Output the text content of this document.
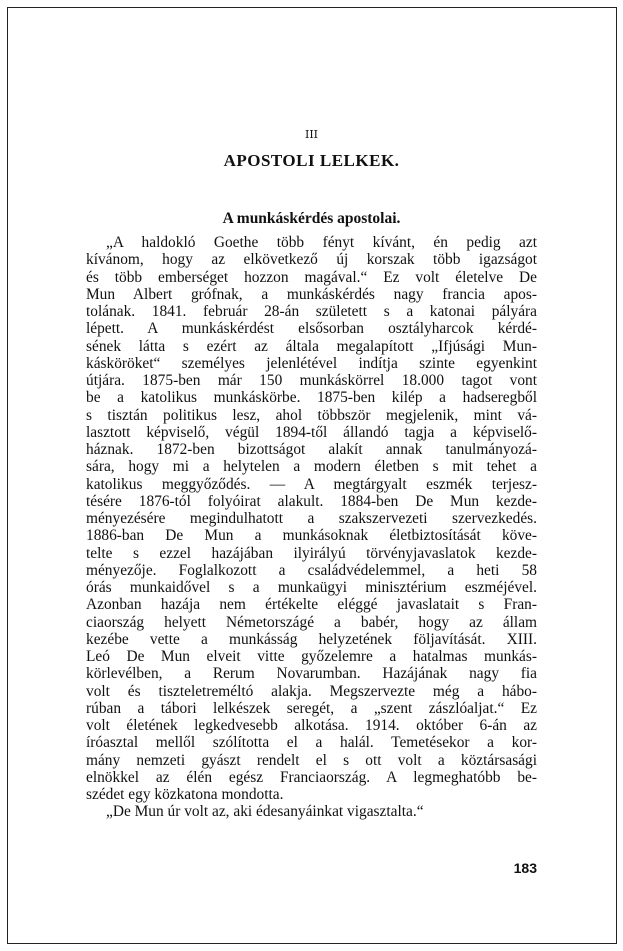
III
APOSTOLI LELKEK.
A munkáskérdés apostolai.

„A haldokló Goethe több fényt kívánt, én pedig azt
kívánom, hogy az elkövetkező új korszak több igazságot
és több emberséget hozzon magával.“ Ez volt életelve De
Mun Albert grófnak, a munkáskérdés nagy francia apos-
tolának. 1841. február 28-án született s a katonai pályára
lépett. A munkáskérdést elsősorban osztályharcok kérdé-
sének látta s ezért az általa megalapított „Ifjúsági Mun-
kásköröket“ személyes jelenlétével indítja szinte egyenkint
útjára. 1875-ben már 150 munkáskörrel 18.000 tagot vont
be a katolikus munkáskörbe. 1875-ben kilép a hadseregből
s tisztán politikus lesz, ahol többször megjelenik, mint vá-
lasztott képviselő, végül 1894-től állandó tagja a képviselő-
háznak. 1872-ben bizottságot alakít annak tanulmányozá-
sára, hogy mi a helytelen a modern életben s mit tehet a
katolikus meggyőződés. — A megtárgyalt eszmék terjesz-
tésére 1876-tól folyóirat alakult. 1884-ben De Mun kezde-
ményezésére megindulhatott a szakszervezeti szervezkedés.
1886-ban De Mun a munkásoknak életbiztosítását köve-
telte s ezzel hazájában ilyirályú törvényjavaslatok kezde-
ményezője. Foglalkozott a családvédelemmel, a heti 58
órás munkaidővel s a munkaügyi minisztérium eszméjével.
Azonban hazája nem értékelte eléggé javaslatait s Fran-
ciaország helyett Németországé a babér, hogy az állam
kezébe vette a munkásság helyzetének följavítását. XIII.
Leó De Mun elveit vitte győzelemre a hatalmas munkás-
körlevélben, a Rerum Novarumban. Hazájának nagy fia
volt és tiszteletreméltó alakja. Megszervezte még a hábo-
rúban a tábori lelkészek seregét, a „szent zászlóaljat.“ Ez
volt életének legkedvesebb alkotása. 1914. október 6-án az
íróasztal mellől szólította el a halál. Temetésekor a kor-
mány nemzeti gyászt rendelt el s ott volt a köztársasági
elnökkel az élén egész Franciaország. A legmeghatóbb be-
szédet egy közkatona mondotta.

„De Mun úr volt az, aki édesanyáinkat vigasztalta.“

183
